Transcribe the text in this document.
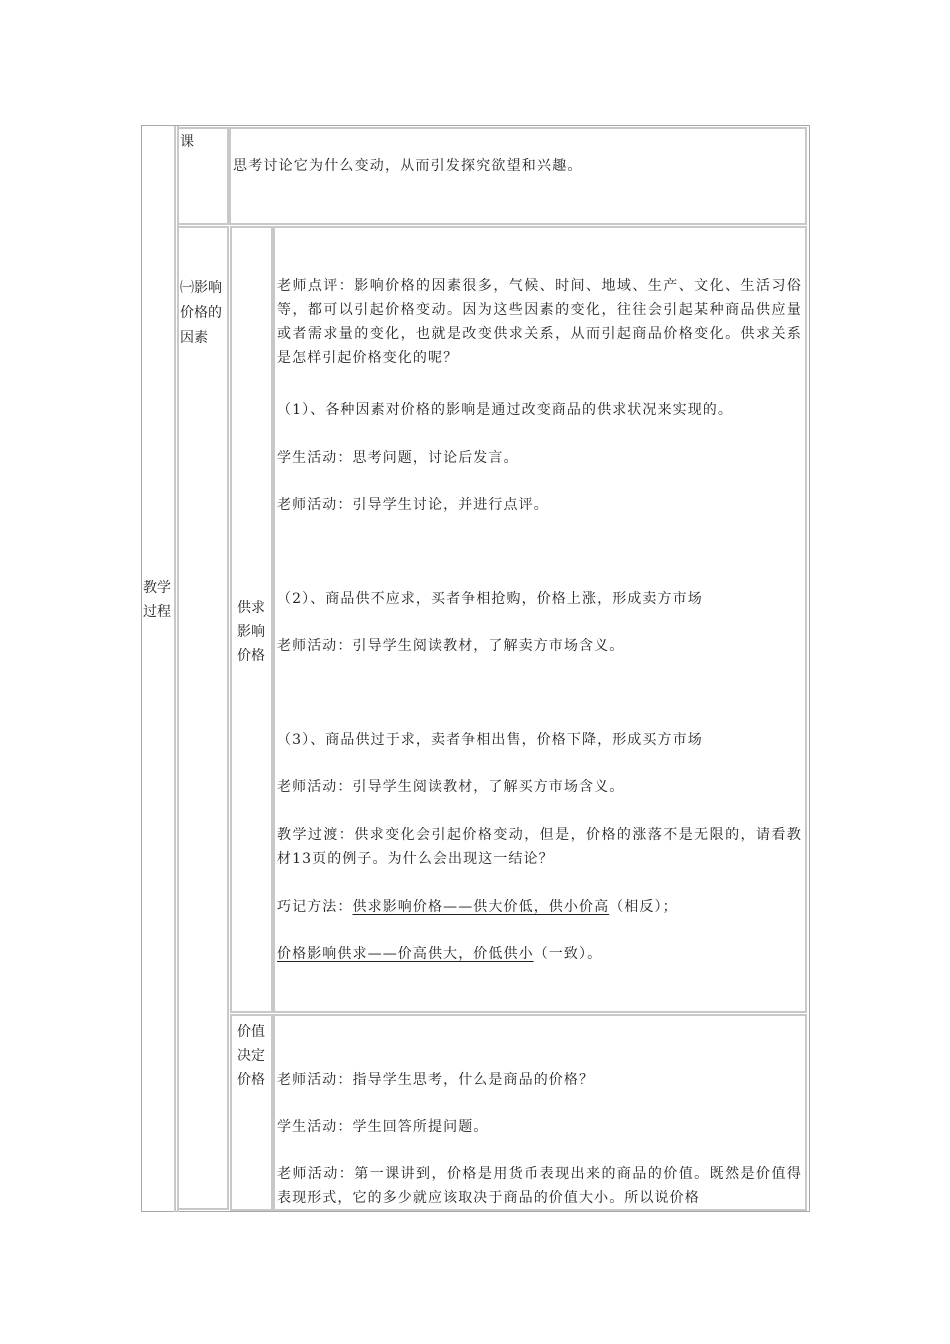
教学过程
课
思考讨论它为什么变动，从而引发探究欲望和兴趣。
㈠影响价格的因素
供求影响价格
老师点评：影响价格的因素很多，气候、时间、地域、生产、文化、生活习俗等，都可以引起价格变动。因为这些因素的变化，往往会引起某种商品供应量或者需求量的变化，也就是改变供求关系，从而引起商品价格变化。供求关系是怎样引起价格变化的呢？
（1）、各种因素对价格的影响是通过改变商品的供求状况来实现的。
学生活动：思考问题，讨论后发言。
老师活动：引导学生讨论，并进行点评。
（2）、商品供不应求，买者争相抢购，价格上涨，形成卖方市场
老师活动：引导学生阅读教材，了解卖方市场含义。
（3）、商品供过于求，卖者争相出售，价格下降，形成买方市场
老师活动：引导学生阅读教材，了解买方市场含义。
教学过渡：供求变化会引起价格变动，但是，价格的涨落不是无限的，请看教材13页的例子。为什么会出现这一结论？
巧记方法：供求影响价格——供大价低，供小价高（相反）；
价格影响供求——价高供大，价低供小（一致）。
价值决定价格 老师活动：指导学生思考，什么是商品的价格？
学生活动：学生回答所提问题。
老师活动：第一课讲到，价格是用货币表现出来的商品的价值。既然是价值得表现形式，它的多少就应该取决于商品的价值大小。所以说价格
